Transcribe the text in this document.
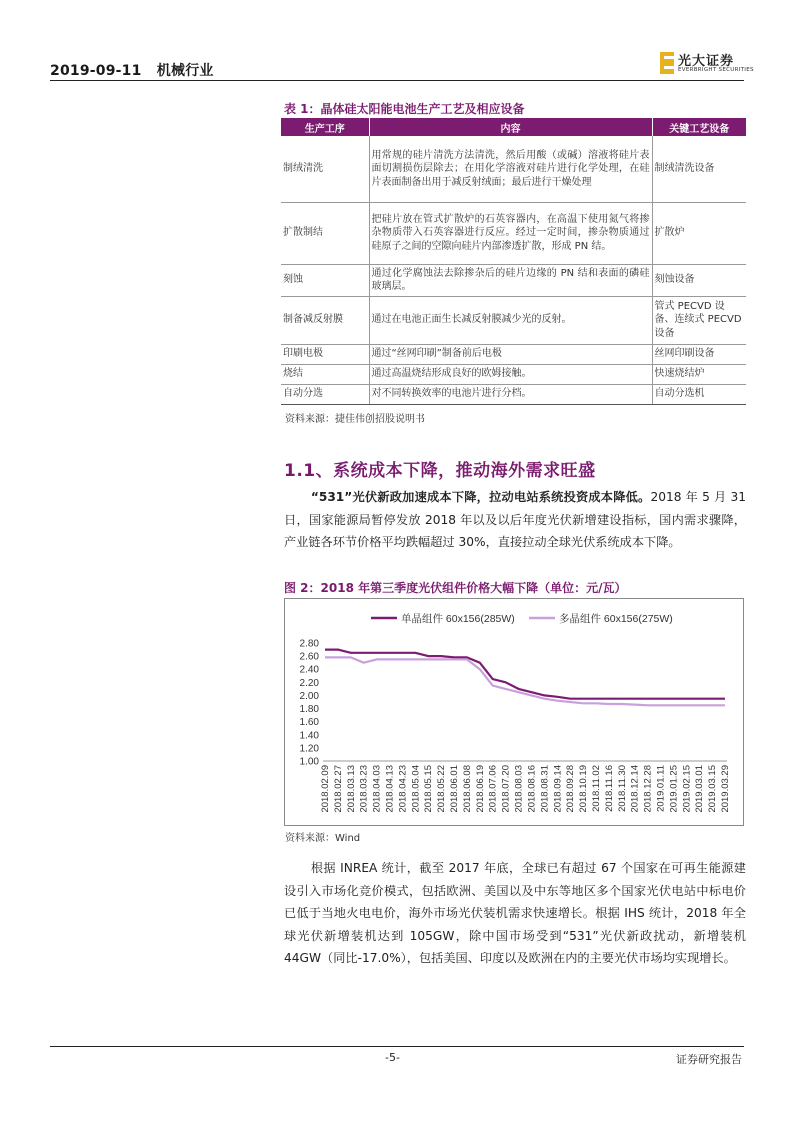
2019-09-11 机械行业
光大证券
EVERBRIGHT SECURITIES
表 1：晶体硅太阳能电池生产工艺及相应设备
生产工序	内容	关键工艺设备
制绒清洗	用常规的硅片清洗方法清洗，然后用酸（或碱）溶液将硅片表面切割损伤层除去；在用化学溶液对硅片进行化学处理，在硅片表面制备出用于减反射绒面；最后进行干燥处理	制绒清洗设备
扩散制结	把硅片放在管式扩散炉的石英容器内，在高温下使用氮气将掺杂物质带入石英容器进行反应。经过一定时间，掺杂物质通过硅原子之间的空隙向硅片内部渗透扩散，形成 PN 结。	扩散炉
刻蚀	通过化学腐蚀法去除掺杂后的硅片边缘的 PN 结和表面的磷硅玻璃层。	刻蚀设备
制备减反射膜	通过在电池正面生长减反射膜减少光的反射。	管式 PECVD 设备、连续式 PECVD 设备
印刷电极	通过“丝网印刷”制备前后电极	丝网印刷设备
烧结	通过高温烧结形成良好的欧姆接触。	快速烧结炉
自动分选	对不同转换效率的电池片进行分档。	自动分选机
资料来源：捷佳伟创招股说明书
1.1、系统成本下降，推动海外需求旺盛
“531”光伏新政加速成本下降，拉动电站系统投资成本降低。2018 年 5 月 31 日，国家能源局暂停发放 2018 年以及以后年度光伏新增建设指标，国内需求骤降，产业链各环节价格平均跌幅超过 30%，直接拉动全球光伏系统成本下降。
图 2：2018 年第三季度光伏组件价格大幅下降（单位：元/瓦）
2.80
2.60
2.40
2.20
2.00
1.80
1.60
1.40
1.20
1.00
2018.02.09 2018.02.27 2018.03.13 2018.03.23 2018.04.03 2018.04.13 2018.04.23 2018.05.04 2018.05.15 2018.05.22 2018.06.01 2018.06.08 2018.06.19 2018.07.06 2018.07.20 2018.08.03 2018.08.16 2018.08.31 2018.09.14 2018.09.28 2018.10.19 2018.11.02 2018.11.16 2018.11.30 2018.12.14 2018.12.28 2019.01.11 2019.01.25 2019.02.15 2019.03.01 2019.03.15 2019.03.29
单晶组件 60x156(285W)	多晶组件 60x156(275W)
资料来源：Wind
根据 INREA 统计，截至 2017 年底，全球已有超过 67 个国家在可再生能源建设引入市场化竞价模式，包括欧洲、美国以及中东等地区多个国家光伏电站中标电价已低于当地火电电价，海外市场光伏装机需求快速增长。根据 IHS 统计，2018 年全球光伏新增装机达到 105GW，除中国市场受到“531”光伏新政扰动，新增装机 44GW（同比-17.0%），包括美国、印度以及欧洲在内的主要光伏市场均实现增长。
-5-	证券研究报告
